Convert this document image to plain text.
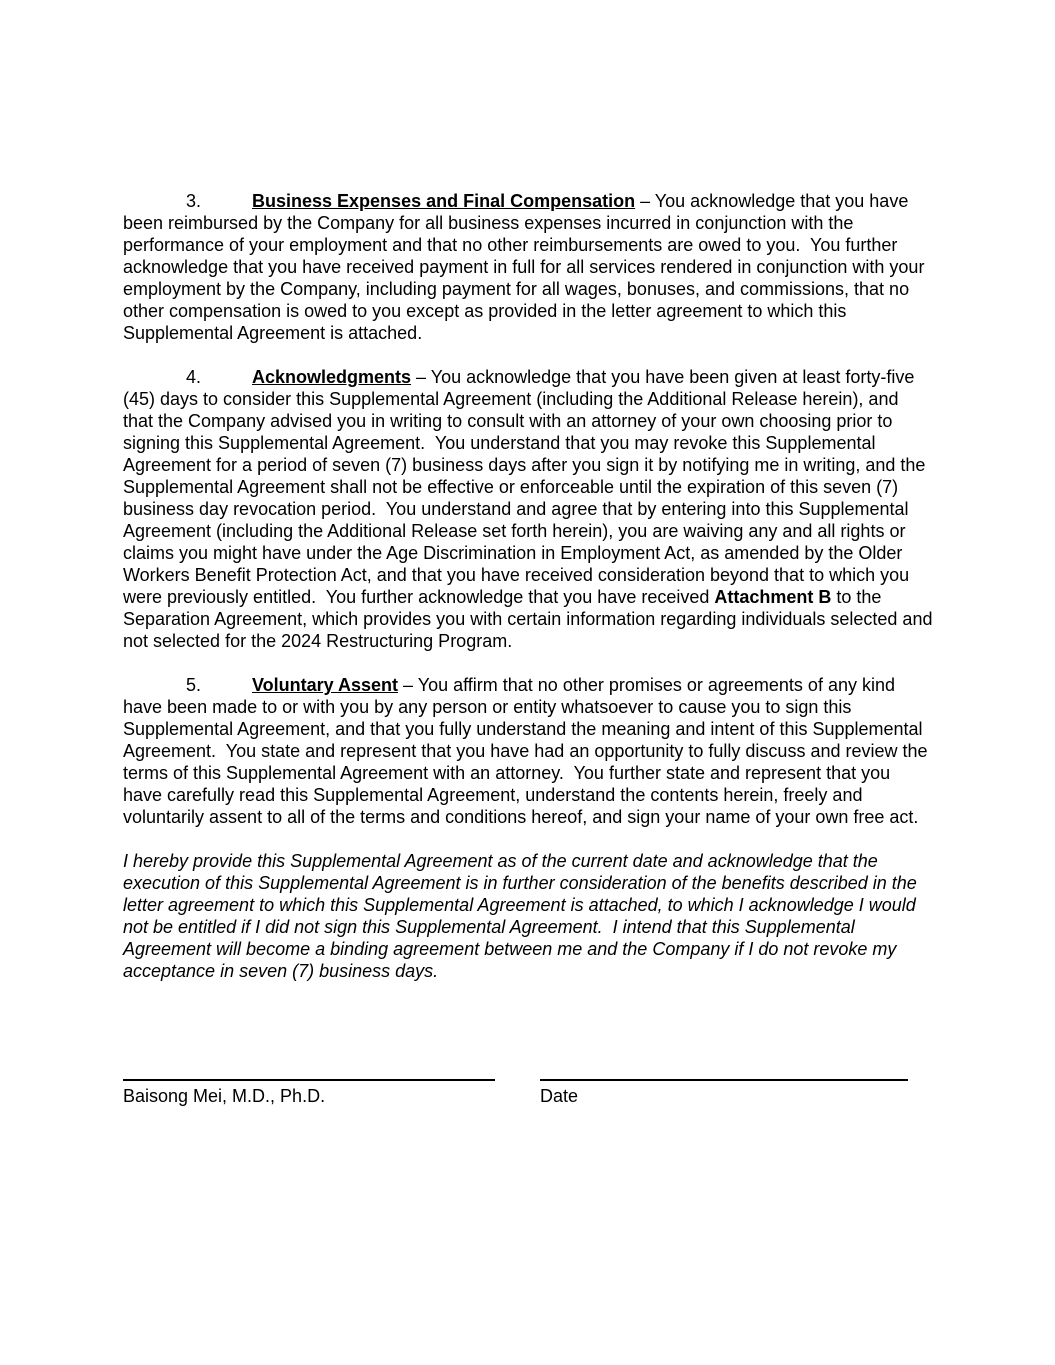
3.	Business Expenses and Final Compensation – You acknowledge that you have been reimbursed by the Company for all business expenses incurred in conjunction with the performance of your employment and that no other reimbursements are owed to you.  You further acknowledge that you have received payment in full for all services rendered in conjunction with your employment by the Company, including payment for all wages, bonuses, and commissions, that no other compensation is owed to you except as provided in the letter agreement to which this Supplemental Agreement is attached.

4.	Acknowledgments – You acknowledge that you have been given at least forty-five (45) days to consider this Supplemental Agreement (including the Additional Release herein), and that the Company advised you in writing to consult with an attorney of your own choosing prior to signing this Supplemental Agreement.  You understand that you may revoke this Supplemental Agreement for a period of seven (7) business days after you sign it by notifying me in writing, and the Supplemental Agreement shall not be effective or enforceable until the expiration of this seven (7) business day revocation period.  You understand and agree that by entering into this Supplemental Agreement (including the Additional Release set forth herein), you are waiving any and all rights or claims you might have under the Age Discrimination in Employment Act, as amended by the Older Workers Benefit Protection Act, and that you have received consideration beyond that to which you were previously entitled.  You further acknowledge that you have received Attachment B to the Separation Agreement, which provides you with certain information regarding individuals selected and not selected for the 2024 Restructuring Program.

5.	Voluntary Assent – You affirm that no other promises or agreements of any kind have been made to or with you by any person or entity whatsoever to cause you to sign this Supplemental Agreement, and that you fully understand the meaning and intent of this Supplemental Agreement.  You state and represent that you have had an opportunity to fully discuss and review the terms of this Supplemental Agreement with an attorney.  You further state and represent that you have carefully read this Supplemental Agreement, understand the contents herein, freely and voluntarily assent to all of the terms and conditions hereof, and sign your name of your own free act.

I hereby provide this Supplemental Agreement as of the current date and acknowledge that the execution of this Supplemental Agreement is in further consideration of the benefits described in the letter agreement to which this Supplemental Agreement is attached, to which I acknowledge I would not be entitled if I did not sign this Supplemental Agreement.  I intend that this Supplemental Agreement will become a binding agreement between me and the Company if I do not revoke my acceptance in seven (7) business days.

Baisong Mei, M.D., Ph.D.	Date
